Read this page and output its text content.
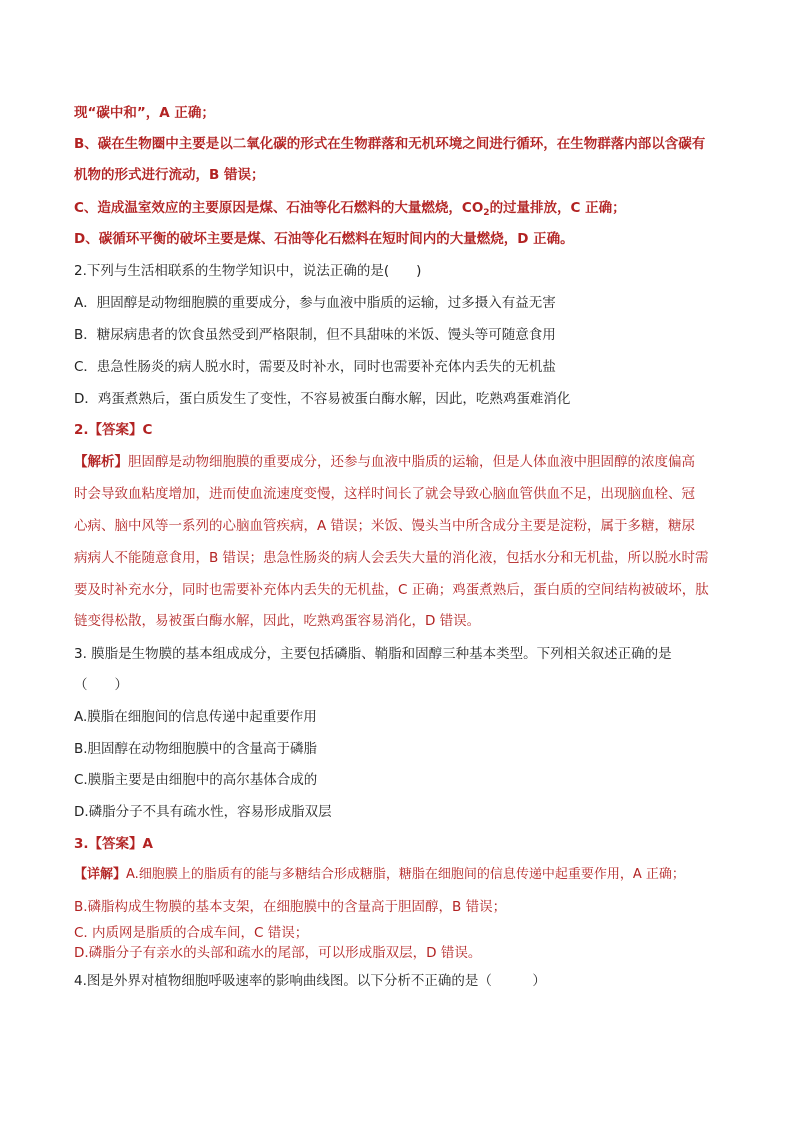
现“碳中和”，A 正确；
B、碳在生物圈中主要是以二氧化碳的形式在生物群落和无机环境之间进行循环，在生物群落内部以含碳有
机物的形式进行流动，B 错误；
C、造成温室效应的主要原因是煤、石油等化石燃料的大量燃烧，$CO_2$的过量排放，C 正确；
D、碳循环平衡的破坏主要是煤、石油等化石燃料在短时间内的大量燃烧，D 正确。
2.下列与生活相联系的生物学知识中，说法正确的是(　　)
A．胆固醇是动物细胞膜的重要成分，参与血液中脂质的运输，过多摄入有益无害
B．糖尿病患者的饮食虽然受到严格限制，但不具甜味的米饭、馒头等可随意食用
C．患急性肠炎的病人脱水时，需要及时补水，同时也需要补充体内丢失的无机盐
D．鸡蛋煮熟后，蛋白质发生了变性，不容易被蛋白酶水解，因此，吃熟鸡蛋难消化
2.【答案】C
【解析】胆固醇是动物细胞膜的重要成分，还参与血液中脂质的运输，但是人体血液中胆固醇的浓度偏高
时会导致血粘度增加，进而使血流速度变慢，这样时间长了就会导致心脑血管供血不足，出现脑血栓、冠
心病、脑中风等一系列的心脑血管疾病，A 错误；米饭、馒头当中所含成分主要是淀粉，属于多糖，糖尿
病病人不能随意食用，B 错误；患急性肠炎的病人会丢失大量的消化液，包括水分和无机盐，所以脱水时需
要及时补充水分，同时也需要补充体内丢失的无机盐，C 正确；鸡蛋煮熟后，蛋白质的空间结构被破坏，肽
链变得松散，易被蛋白酶水解，因此，吃熟鸡蛋容易消化，D 错误。
3. 膜脂是生物膜的基本组成成分，主要包括磷脂、鞘脂和固醇三种基本类型。下列相关叙述正确的是
（　　）
A.膜脂在细胞间的信息传递中起重要作用
B.胆固醇在动物细胞膜中的含量高于磷脂
C.膜脂主要是由细胞中的高尔基体合成的
D.磷脂分子不具有疏水性，容易形成脂双层
3.【答案】A
【详解】A.细胞膜上的脂质有的能与多糖结合形成糖脂，糖脂在细胞间的信息传递中起重要作用，A 正确；
B.磷脂构成生物膜的基本支架，在细胞膜中的含量高于胆固醇，B 错误；
C. 内质网是脂质的合成车间，C 错误；
D.磷脂分子有亲水的头部和疏水的尾部，可以形成脂双层，D 错误。
4.图是外界对植物细胞呼吸速率的影响曲线图。以下分析不正确的是（　　　）
